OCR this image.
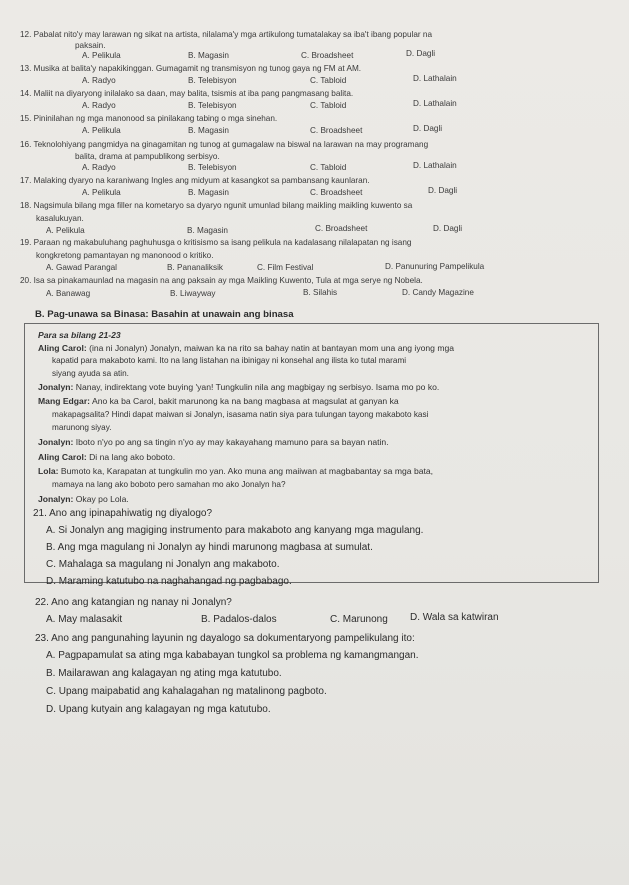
12. Pabalat nito'y may larawan ng sikat na artista, nilalama'y mga artikulong tumatalakay sa iba't ibang popular na
paksain.
A. Pelikula	B. Magasin	C. Broadsheet	D. Dagli
13. Musika at balita'y napakikinggan. Gumagamit ng transmisyon ng tunog gaya ng FM at AM.
A. Radyo	B. Telebisyon	C. Tabloid	D. Lathalain
14. Maliit na diyaryong inilalako sa daan, may balita, tsismis at iba pang pangmasang balita.
A. Radyo	B. Telebisyon	C. Tabloid	D. Lathalain
15. Pininilahan ng mga manonood sa pinilakang tabing o mga sinehan.
A. Pelikula	B. Magasin	C. Broadsheet	D. Dagli
16. Teknolohiyang pangmidya na ginagamitan ng tunog at gumagalaw na biswal na larawan na may programang
balita, drama at pampublikong serbisyo.
A. Radyo	B. Telebisyon	C. Tabloid	D. Lathalain
17. Malaking dyaryo na karaniwang Ingles ang midyum at kasangkot sa pambansang kaunlaran.
A. Pelikula	B. Magasin	C. Broadsheet	D. Dagli
18. Nagsimula bilang mga filler na kometaryo sa dyaryo ngunit umunlad bilang maikling maikling kuwento sa
kasalukuyan.
A. Pelikula	B. Magasin	C. Broadsheet	D. Dagli
19. Paraan ng makabuluhang paghuhusga o kritisismo sa isang pelikula na kadalasang nilalapatan ng isang
kongkretong pamantayan ng manonood o kritiko.
A. Gawad Parangal	B. Pananaliksik	C. Film Festival	D. Panunuring Pampelikula
20. Isa sa pinakamaunlad na magasin na ang paksain ay mga Maikling Kuwento, Tula at mga serye ng Nobela.
A. Banawag	B. Liwayway	B. Silahis	D. Candy Magazine
B. Pag-unawa sa Binasa: Basahin at unawain ang binasa
Para sa bilang 21-23
Aling Carol: (ina ni Jonalyn) Jonalyn, maiwan ka na rito sa bahay natin at bantayan mom una ang iyong mga
kapatid para makaboto kami. Ito na lang listahan na ibinigay ni konsehal ang ilista ko tutal marami
siyang ayuda sa atin.
Jonalyn: Nanay, indirektang vote buying 'yan! Tungkulin nila ang magbigay ng serbisyo. Isama mo po ko.
Mang Edgar: Ano ka ba Carol, bakit marunong ka na bang magbasa at magsulat at ganyan ka
makapagsalita? Hindi dapat maiwan si Jonalyn, isasama natin siya para tulungan tayong makaboto kasi
marunong siyay.
Jonalyn: Iboto n'yo po ang sa tingin n'yo ay may kakayahang mamuno para sa bayan natin.
Aling Carol: Di na lang ako boboto.
Lola: Bumoto ka, Karapatan at tungkulin mo yan. Ako muna ang maiiwan at magbabantay sa mga bata,
mamaya na lang ako boboto pero samahan mo ako Jonalyn ha?
Jonalyn: Okay po Lola.
21. Ano ang ipinapahiwatig ng diyalogo?
A. Si Jonalyn ang magiging instrumento para makaboto ang kanyang mga magulang.
B. Ang mga magulang ni Jonalyn ay hindi marunong magbasa at sumulat.
C. Mahalaga sa magulang ni Jonalyn ang makaboto.
D. Maraming katutubo na naghahangad ng pagbabago.
22. Ano ang katangian ng nanay ni Jonalyn?
A. May malasakit	B. Padalos-dalos	C. Marunong D. Wala sa katwiran
23. Ano ang pangunahing layunin ng dayalogo sa dokumentaryong pampelikulang ito:
A. Pagpapamulat sa ating mga kababayan tungkol sa problema ng kamangmangan.
B. Mailarawan ang kalagayan ng ating mga katutubo.
C. Upang maipabatid ang kahalagahan ng matalinong pagboto.
D. Upang kutyain ang kalagayan ng mga katutubo.
